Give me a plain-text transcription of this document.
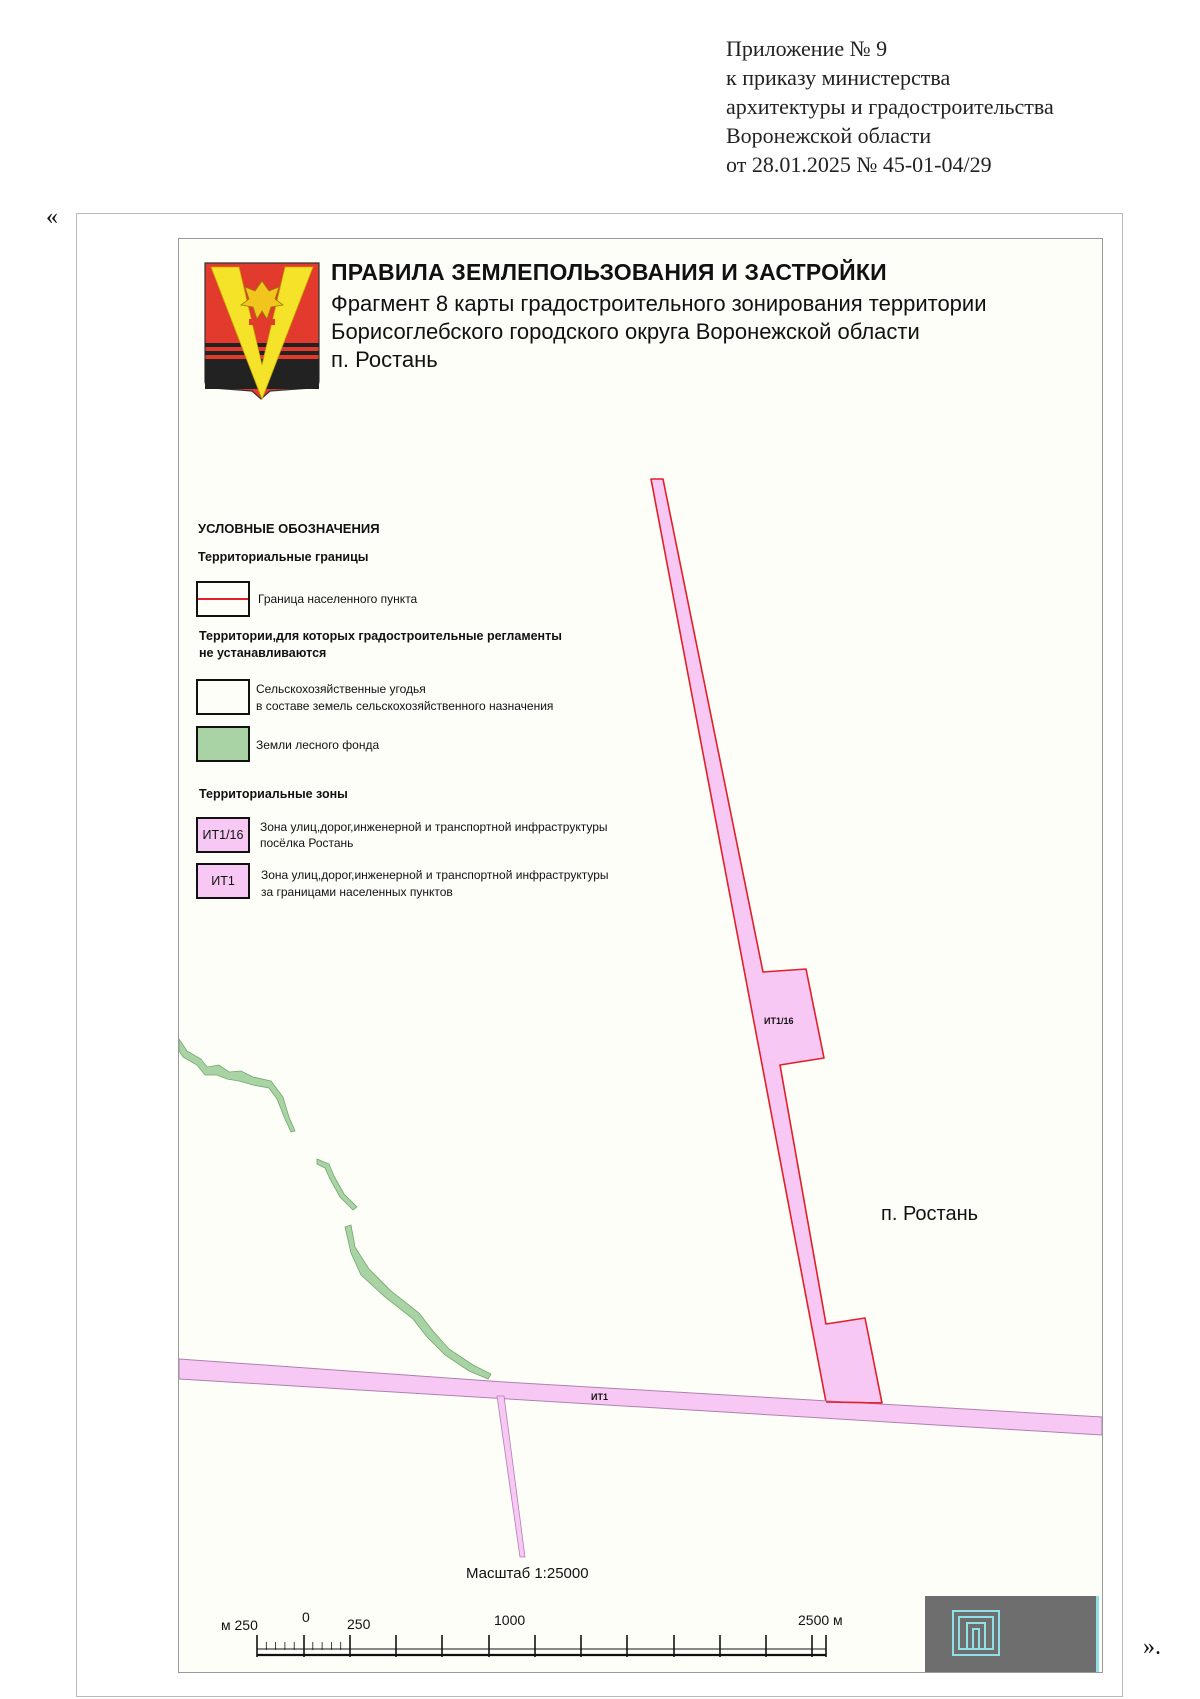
Приложение № 9
к приказу министерства
архитектуры и градостроительства
Воронежской области
от 28.01.2025 № 45-01-04/29
«
».
ПРАВИЛА ЗЕМЛЕПОЛЬЗОВАНИЯ И ЗАСТРОЙКИ
Фрагмент 8 карты градостроительного зонирования территории
Борисоглебского городского округа Воронежской области
п. Ростань
УСЛОВНЫЕ ОБОЗНАЧЕНИЯ
Территориальные границы
Граница населенного пункта
Территории,для которых градостроительные регламенты
не устанавливаются
Сельскохозяйственные угодья
в составе земель сельскохозяйственного назначения
Земли лесного фонда
Территориальные зоны
ИТ1/16
Зона улиц,дорог,инженерной и транспортной инфраструктуры
посёлка Ростань
ИТ1	Зона улиц,дорог,инженерной и транспортной инфраструктуры
за границами населенных пунктов
ИТ1/16
ИТ1
п. Ростань
Масштаб 1:25000
м 250	0	250	1000	2500 м
